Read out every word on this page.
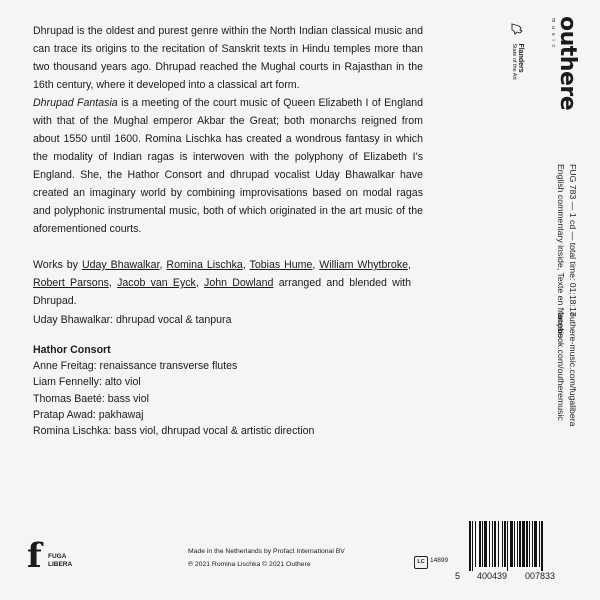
Dhrupad is the oldest and purest genre within the North Indian classical music and can trace its origins to the recitation of Sanskrit texts in Hindu temples more than two thousand years ago. Dhrupad reached the Mughal courts in Rajasthan in the 16th century, where it developed into a classical art form.
Dhrupad Fantasia is a meeting of the court music of Queen Elizabeth I of England with that of the Mughal emperor Akbar the Great; both monarchs reigned from about 1550 until 1600. Romina Lischka has created a wondrous fantasy in which the modality of Indian ragas is interwoven with the polyphony of Elizabeth I’s England. She, the Hathor Consort and dhrupad vocalist Uday Bhawalkar have created an imaginary world by combining improvisations based on modal ragas and polyphonic instrumental music, both of which originated in the art music of the aforementioned courts.

Works by Uday Bhawalkar, Romina Lischka, Tobias Hume, William Whytbroke, Robert Parsons, Jacob van Eyck, John Dowland arranged and blended with Dhrupad.

Uday Bhawalkar: dhrupad vocal & tanpura

Hathor Consort
Anne Freitag: renaissance transverse flutes
Liam Fennelly: alto viol
Thomas Baeté: bass viol
Pratap Awad: pakhawaj
Romina Lischka: bass viol, dhrupad vocal & artistic direction
outhere
music
Flanders
State of the Art
FUG 783 — 1 cd — total time: 01:18:17
English commentary inside, Texte en français
outhere-music.com/fugalibera
facebook.com/outheremusic
f FUGA
LIBERA

Made in the Netherlands by Profact International BV
℗ 2021 Romina Lischka © 2021 Outhere	LC 14899
5 400439 007833
